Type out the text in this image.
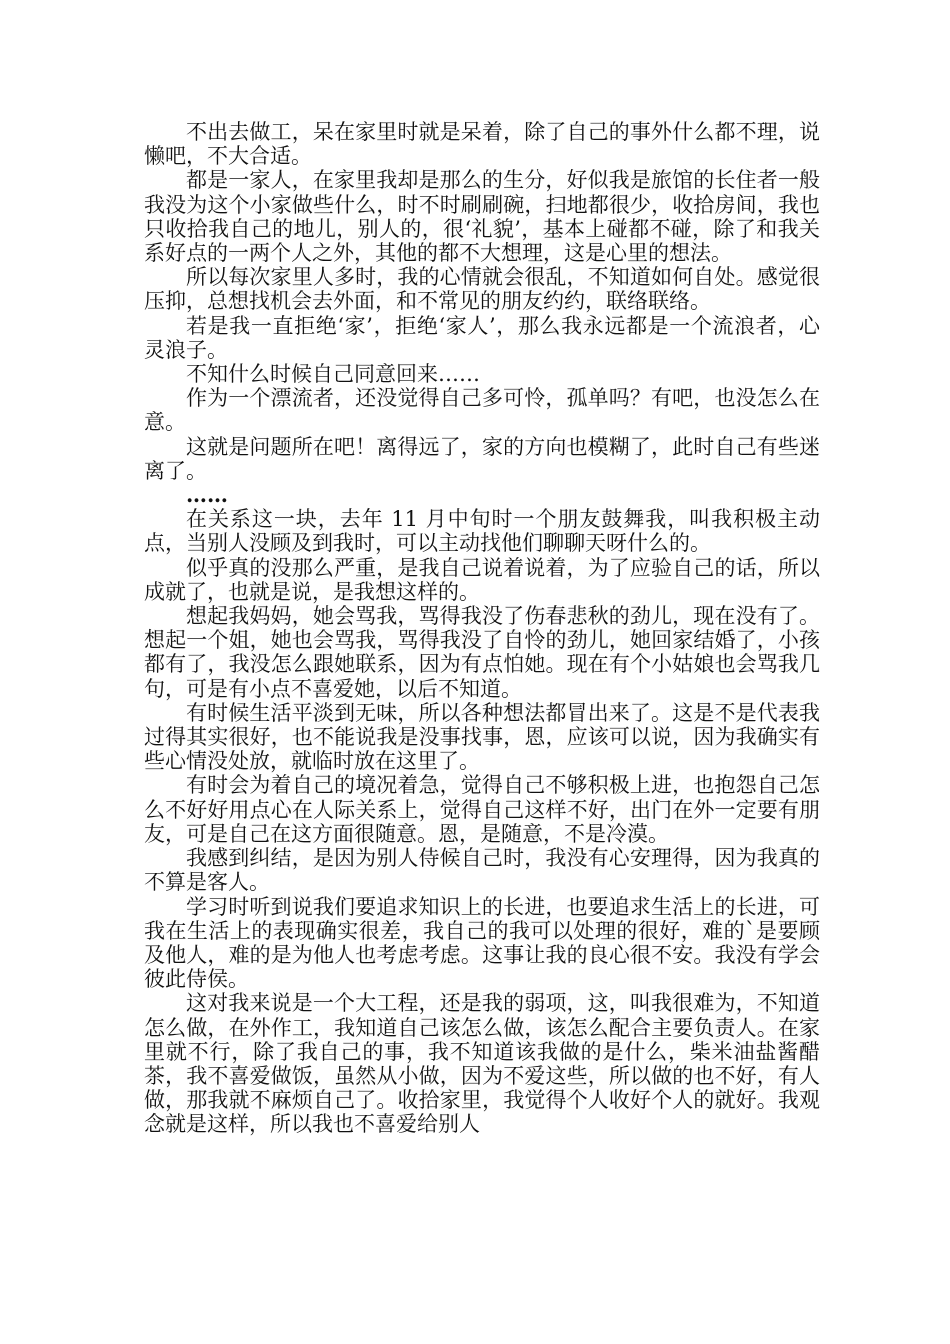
不出去做工，呆在家里时就是呆着，除了自己的事外什么都不理，说懒吧，不大合适。

都是一家人，在家里我却是那么的生分，好似我是旅馆的长住者一般我没为这个小家做些什么，时不时刷刷碗，扫地都很少，收拾房间，我也只收拾我自己的地儿，别人的，很‘礼貌’，基本上碰都不碰，除了和我关系好点的一两个人之外，其他的都不大想理，这是心里的想法。

所以每次家里人多时，我的心情就会很乱，不知道如何自处。感觉很压抑，总想找机会去外面，和不常见的朋友约约，联络联络。

若是我一直拒绝‘家’，拒绝‘家人’，那么我永远都是一个流浪者，心灵浪子。

不知什么时候自己同意回来……

作为一个漂流者，还没觉得自己多可怜，孤单吗？有吧，也没怎么在意。

这就是问题所在吧！离得远了，家的方向也模糊了，此时自己有些迷离了。

……

在关系这一块，去年 11 月中旬时一个朋友鼓舞我，叫我积极主动点，当别人没顾及到我时，可以主动找他们聊聊天呀什么的。

似乎真的没那么严重，是我自己说着说着，为了应验自己的话，所以成就了，也就是说，是我想这样的。

想起我妈妈，她会骂我，骂得我没了伤春悲秋的劲儿，现在没有了。想起一个姐，她也会骂我，骂得我没了自怜的劲儿，她回家结婚了，小孩都有了，我没怎么跟她联系，因为有点怕她。现在有个小姑娘也会骂我几句，可是有小点不喜爱她，以后不知道。

有时候生活平淡到无味，所以各种想法都冒出来了。这是不是代表我过得其实很好，也不能说我是没事找事，恩，应该可以说，因为我确实有些心情没处放，就临时放在这里了。

有时会为着自己的境况着急，觉得自己不够积极上进，也抱怨自己怎么不好好用点心在人际关系上，觉得自己这样不好，出门在外一定要有朋友，可是自己在这方面很随意。恩，是随意，不是冷漠。

我感到纠结，是因为别人侍候自己时，我没有心安理得，因为我真的不算是客人。

学习时听到说我们要追求知识上的长进，也要追求生活上的长进，可我在生活上的表现确实很差，我自己的我可以处理的很好，难的`是要顾及他人，难的是为他人也考虑考虑。这事让我的良心很不安。我没有学会彼此侍侯。

这对我来说是一个大工程，还是我的弱项，这，叫我很难为，不知道怎么做，在外作工，我知道自己该怎么做，该怎么配合主要负责人。在家里就不行，除了我自己的事，我不知道该我做的是什么，柴米油盐酱醋茶，我不喜爱做饭，虽然从小做，因为不爱这些，所以做的也不好，有人做，那我就不麻烦自己了。收拾家里，我觉得个人收好个人的就好。我观念就是这样，所以我也不喜爱给别人
